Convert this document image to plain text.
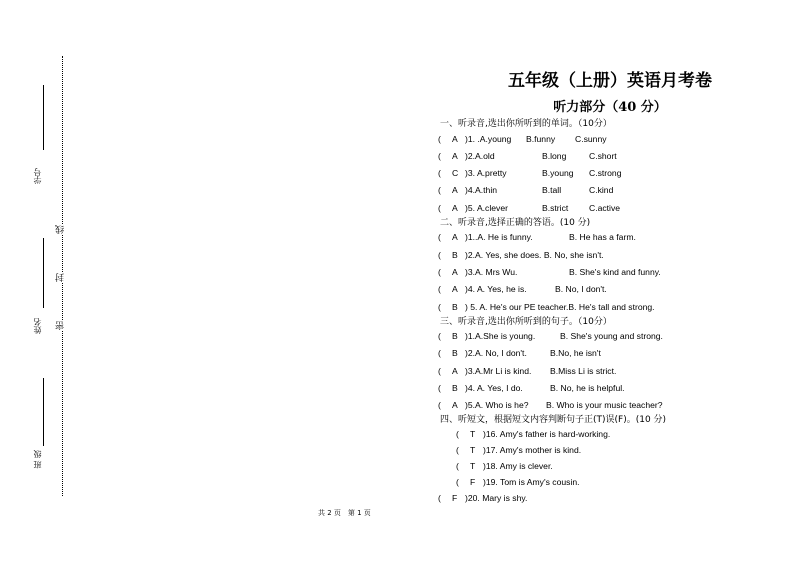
学号
姓名
班 级
线
封
密
五年级（上册）英语月考卷
听力部分（40 分）
一、听录音,选出你所听到的单词。（10分）
( A )1. .A.young B.funny C.sunny
( A )2.A.old	B.long	C.short
( C )3. A.pretty	B.young C.strong
( A )4.A.thin	B.tall	C.kind
( A )5. A.clever	B.strict C.active
二、听录音,选择正确的答语。(10 分)
( A )1..A. He is funny.	B. He has a farm.
( B )2.A. Yes, she does. B. No, she isn't.
( A )3.A. Mrs Wu.	B. She's kind and funny.
( A )4. A. Yes, he is.	B. No, I don't.
( B ) 5. A. He's our PE teacher.B. He's tall and strong.
三、听录音,选出你所听到的句子。（10分）
( B )1.A.She is young.	B. She's young and strong.
( B )2.A. No, I don't.	B.No, he isn't
( A )3.A.Mr Li is kind. B.Miss Li is strict.
( B )4. A. Yes, I do.	B. No, he is helpful.
( A )5.A. Who is he? B. Who is your music teacher?
四、听短文，根据短文内容判断句子正(T)误(F)。(10 分)
( T )16. Amy's father is hard-working.
( T )17. Amy's mother is kind.
( T )18. Amy is clever.
( F )19. Tom is Amy's cousin.
( F )20. Mary is shy.
共 2 页　第 1 页
